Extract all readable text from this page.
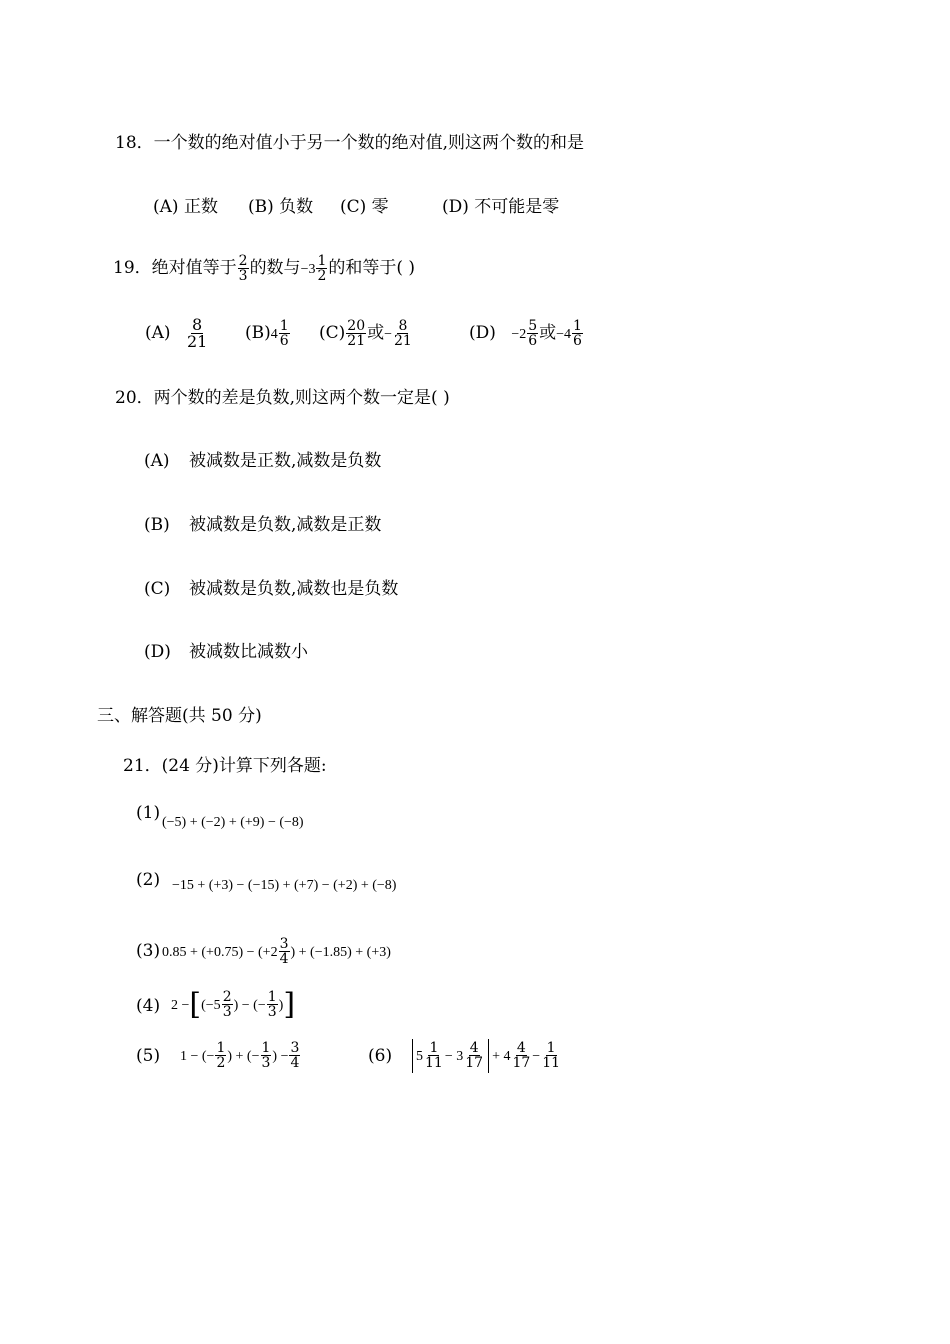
18．一个数的绝对值小于另一个数的绝对值,则这两个数的和是
(A) 正数 (B) 负数 (C) 零	(D) 不可能是零
19．绝对值等于 $\frac{2}{3}$ 的数与$-3 \frac{1}{2}$ 的和等于( )
$(A) \frac{8}{21} (B)4 \frac{1}{6} (C) \frac{20}{21}$ 或− $\frac{8}{21}$	$(D) -2 \frac{5}{6}$ 或$-4 \frac{1}{6}$
20．两个数的差是负数,则这两个数一定是( )
(A) 被减数是正数,减数是负数
(B) 被减数是负数,减数是正数
(C) 被减数是负数,减数也是负数
(D) 被减数比减数小
三、解答题(共 50 分)
21．(24 分)计算下列各题:
(1) (−5) + (−2) + (+9) − (−8)
(2) −15 + (+3) − (−15) + (+7) − (+2) + (−8)
(3) $0.85 + (+0.75) - (+2 \frac{3}{4}$ ) + (−1.85) + (+3)
(4) $2 -[(-5 \frac{2}{3}$ ) − (− $\frac{1}{3}$ )]
(5) 1 − (− $\frac{1}{2}$ ) + (− $\frac{1}{3}$ ) − $\frac{3}{4}$	(6)	$5 \frac{1}{11} - 3 \frac{4}{17} + 4 \frac{4}{17} - \frac{1}{11}$
